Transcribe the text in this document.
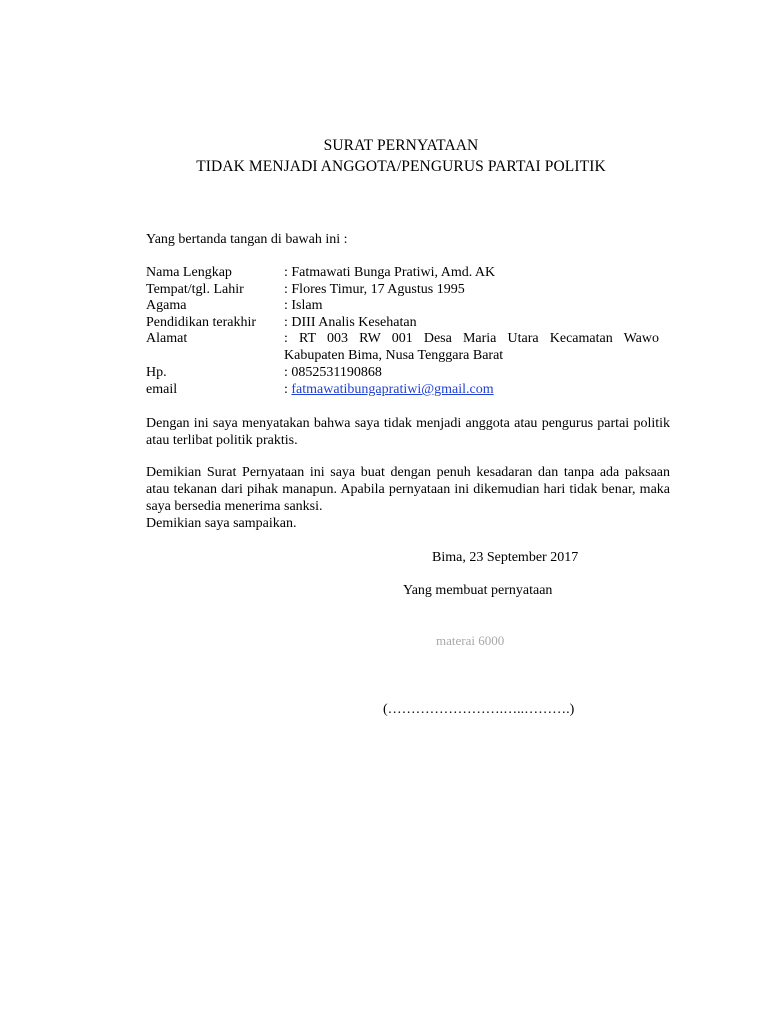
SURAT PERNYATAAN
TIDAK MENJADI ANGGOTA/PENGURUS PARTAI POLITIK
Yang bertanda tangan di bawah ini :
Nama Lengkap	: Fatmawati Bunga Pratiwi, Amd. AK
Tempat/tgl. Lahir	: Flores Timur, 17 Agustus 1995
Agama	: Islam
Pendidikan terakhir : DIII Analis Kesehatan
Alamat	: RT 003 RW 001 Desa Maria Utara Kecamatan Wawo
Kabupaten Bima, Nusa Tenggara Barat
Hp.	: 0852531190868
email	: fatmawatibungapratiwi@gmail.com
Dengan ini saya menyatakan bahwa saya tidak menjadi anggota atau pengurus partai politik atau terlibat politik praktis.
Demikian Surat Pernyataan ini saya buat dengan penuh kesadaran dan tanpa ada paksaan atau tekanan dari pihak manapun. Apabila pernyataan ini dikemudian hari tidak benar, maka saya bersedia menerima sanksi.
Demikian saya sampaikan.
Bima, 23 September 2017
Yang membuat pernyataan
materai 6000
(…………………….…..……….)
